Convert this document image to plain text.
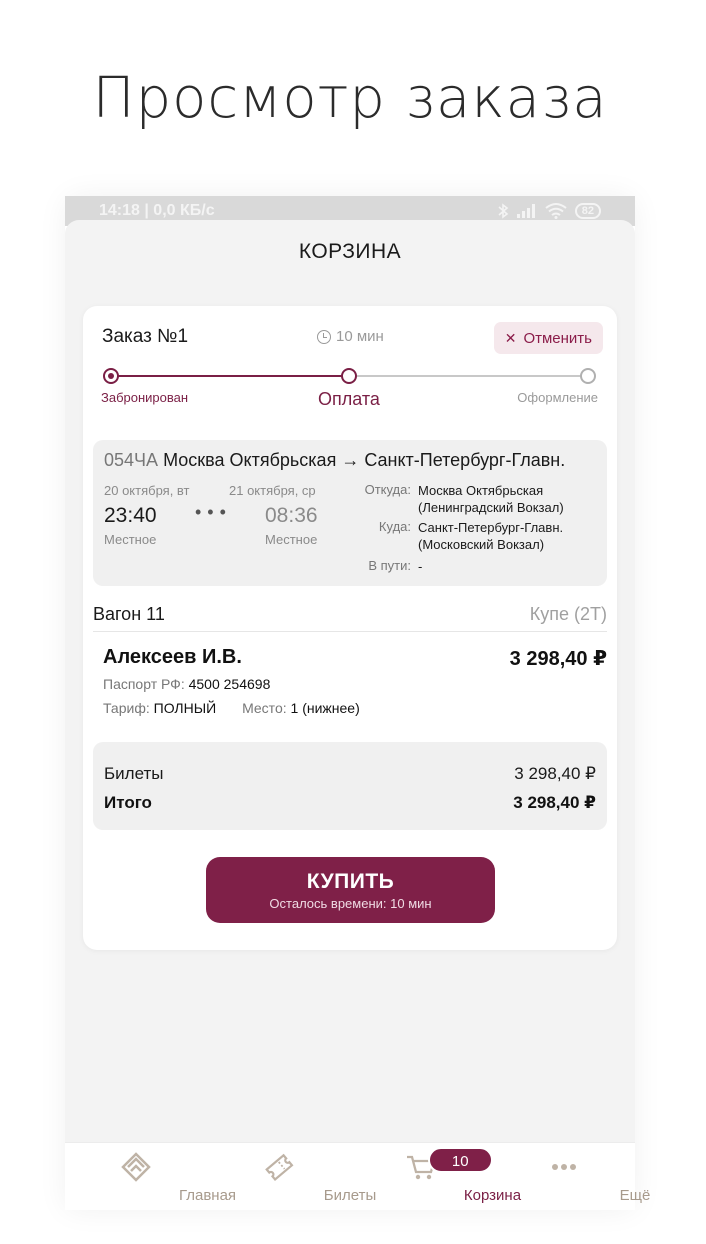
Просмотр заказа
14:18 | 0,0 КБ/с	82
КОРЗИНА
Заказ №1	10 мин	✕ Отменить
Забронирован	Оплата	Оформление
054ЧА Москва Октябрьская → Санкт-Петербург-Главн.
20 октября, вт
23:40
Местное
•••
21 октября, ср
08:36
Местное
Откуда: Москва Октябрьская (Ленинградский Вокзал)
Куда: Санкт-Петербург-Главн. (Московский Вокзал)
В пути: -
Вагон 11	Купе (2Т)
Алексеев И.В.	3 298,40 ₽
Паспорт РФ: 4500 254698
Тариф: ПОЛНЫЙ Место: 1 (нижнее)
Билеты	3 298,40 ₽
Итого	3 298,40 ₽
КУПИТЬ
Осталось времени: 10 мин
Главная	Билеты
10 мин
Корзина	Ещё
